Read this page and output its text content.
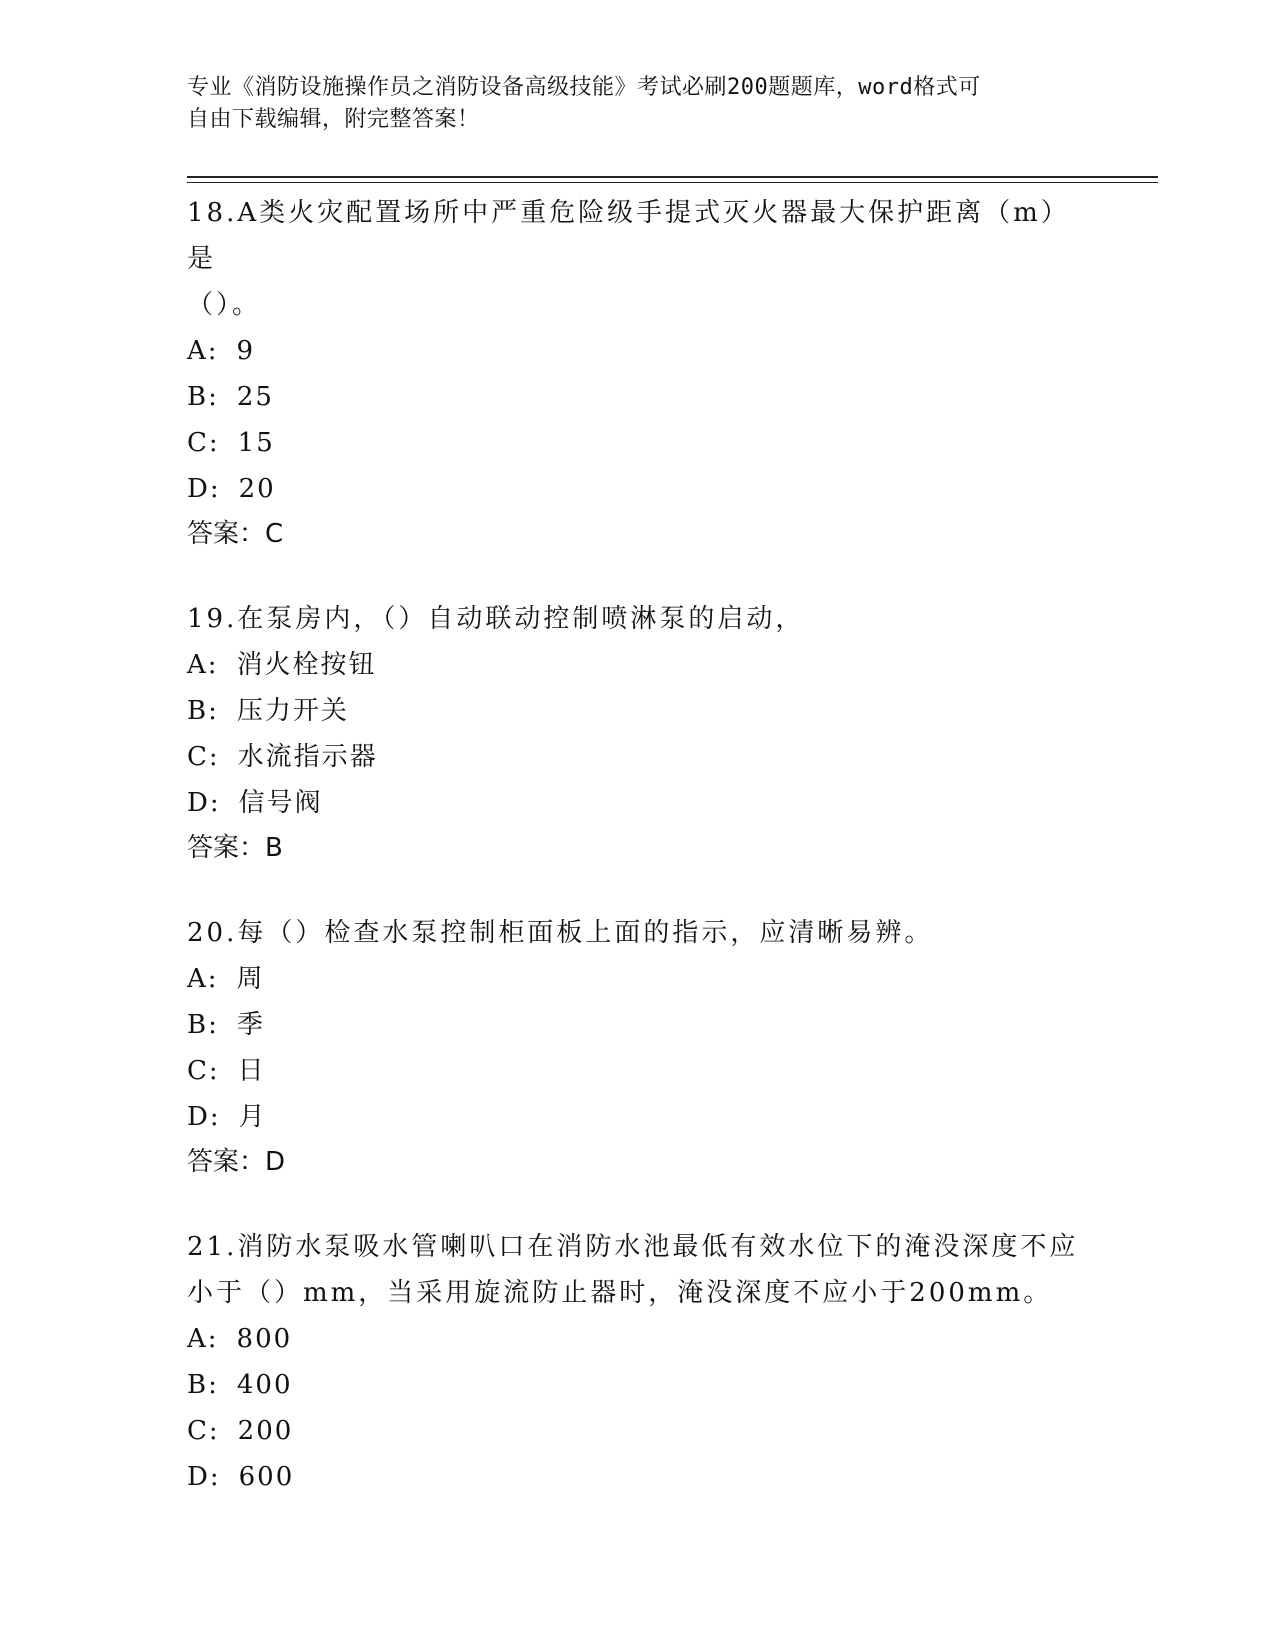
专业《消防设施操作员之消防设备高级技能》考试必刷200题题库，word格式可
自由下载编辑，附完整答案！

18.A类火灾配置场所中严重危险级手提式灭火器最大保护距离（m）是

（）。

A: 9

B: 25

C: 15

D: 20

答案：C

19.在泵房内，（）自动联动控制喷淋泵的启动，

A: 消火栓按钮

B: 压力开关

C: 水流指示器

D: 信号阀

答案：B

20.每（）检查水泵控制柜面板上面的指示，应清晰易辨。

A: 周

B: 季

C: 日

D: 月

答案：D

21.消防水泵吸水管喇叭口在消防水池最低有效水位下的淹没深度不应

小于（）mm，当采用旋流防止器时，淹没深度不应小于200mm。

A: 800

B: 400

C: 200

D: 600
